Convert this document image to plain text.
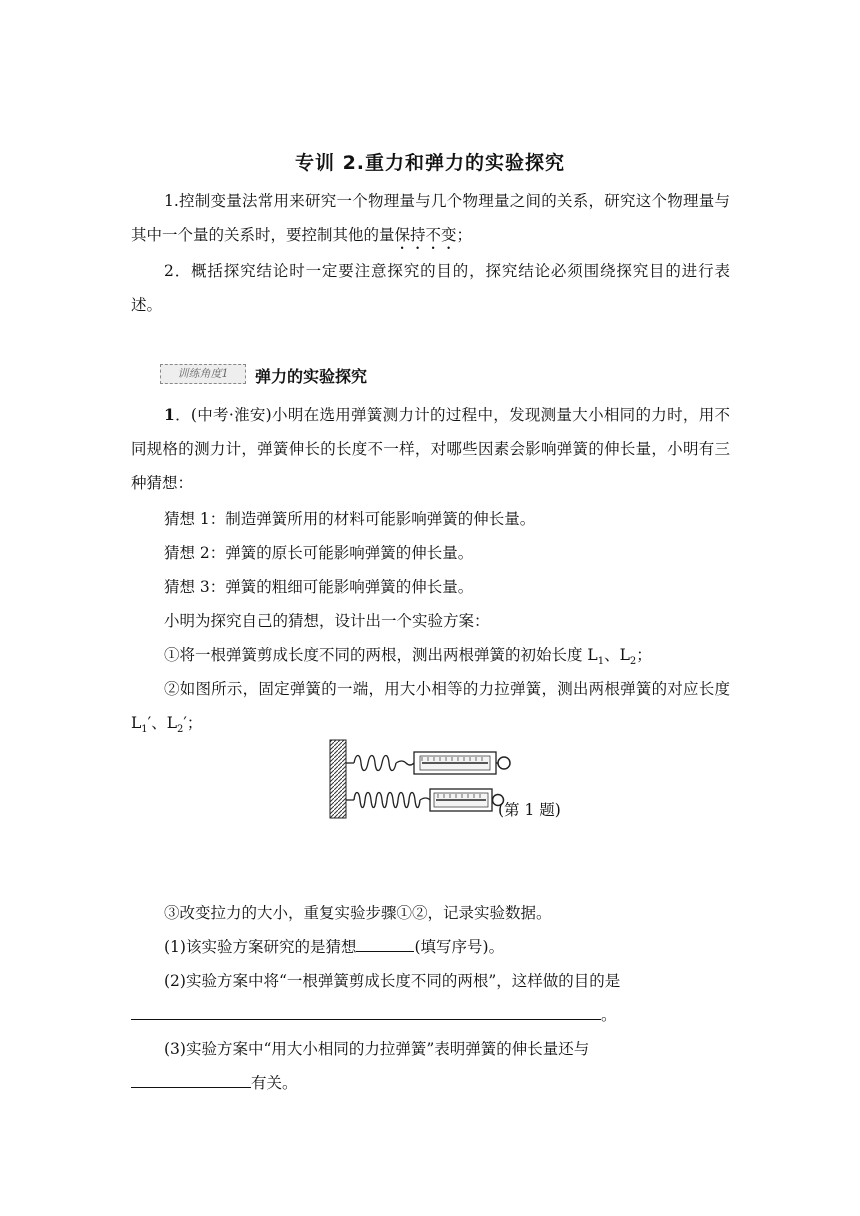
专训 2.重力和弹力的实验探究
1.控制变量法常用来研究一个物理量与几个物理量之间的关系，研究这个物理量与其中一个量的关系时，要控制其他的量保持不变；
2．概括探究结论时一定要注意探究的目的，探究结论必须围绕探究目的进行表述。
训练角度1	弹力的实验探究
1．(中考·淮安)小明在选用弹簧测力计的过程中，发现测量大小相同的力时，用不同规格的测力计，弹簧伸长的长度不一样，对哪些因素会影响弹簧的伸长量，小明有三种猜想：
猜想 1：制造弹簧所用的材料可能影响弹簧的伸长量。
猜想 2：弹簧的原长可能影响弹簧的伸长量。
猜想 3：弹簧的粗细可能影响弹簧的伸长量。
小明为探究自己的猜想，设计出一个实验方案：
①将一根弹簧剪成长度不同的两根，测出两根弹簧的初始长度 $L_1$、$L_2$；
②如图所示，固定弹簧的一端，用大小相等的力拉弹簧，测出两根弹簧的对应长度 $L_1'$、$L_2'$；
(第 1 题)
③改变拉力的大小，重复实验步骤①②，记录实验数据。
(1)该实验方案研究的是猜想	(填写序号)。
(2)实验方案中将“一根弹簧剪成长度不同的两根”，这样做的目的是
。
(3)实验方案中“用大小相同的力拉弹簧”表明弹簧的伸长量还与
有关。
